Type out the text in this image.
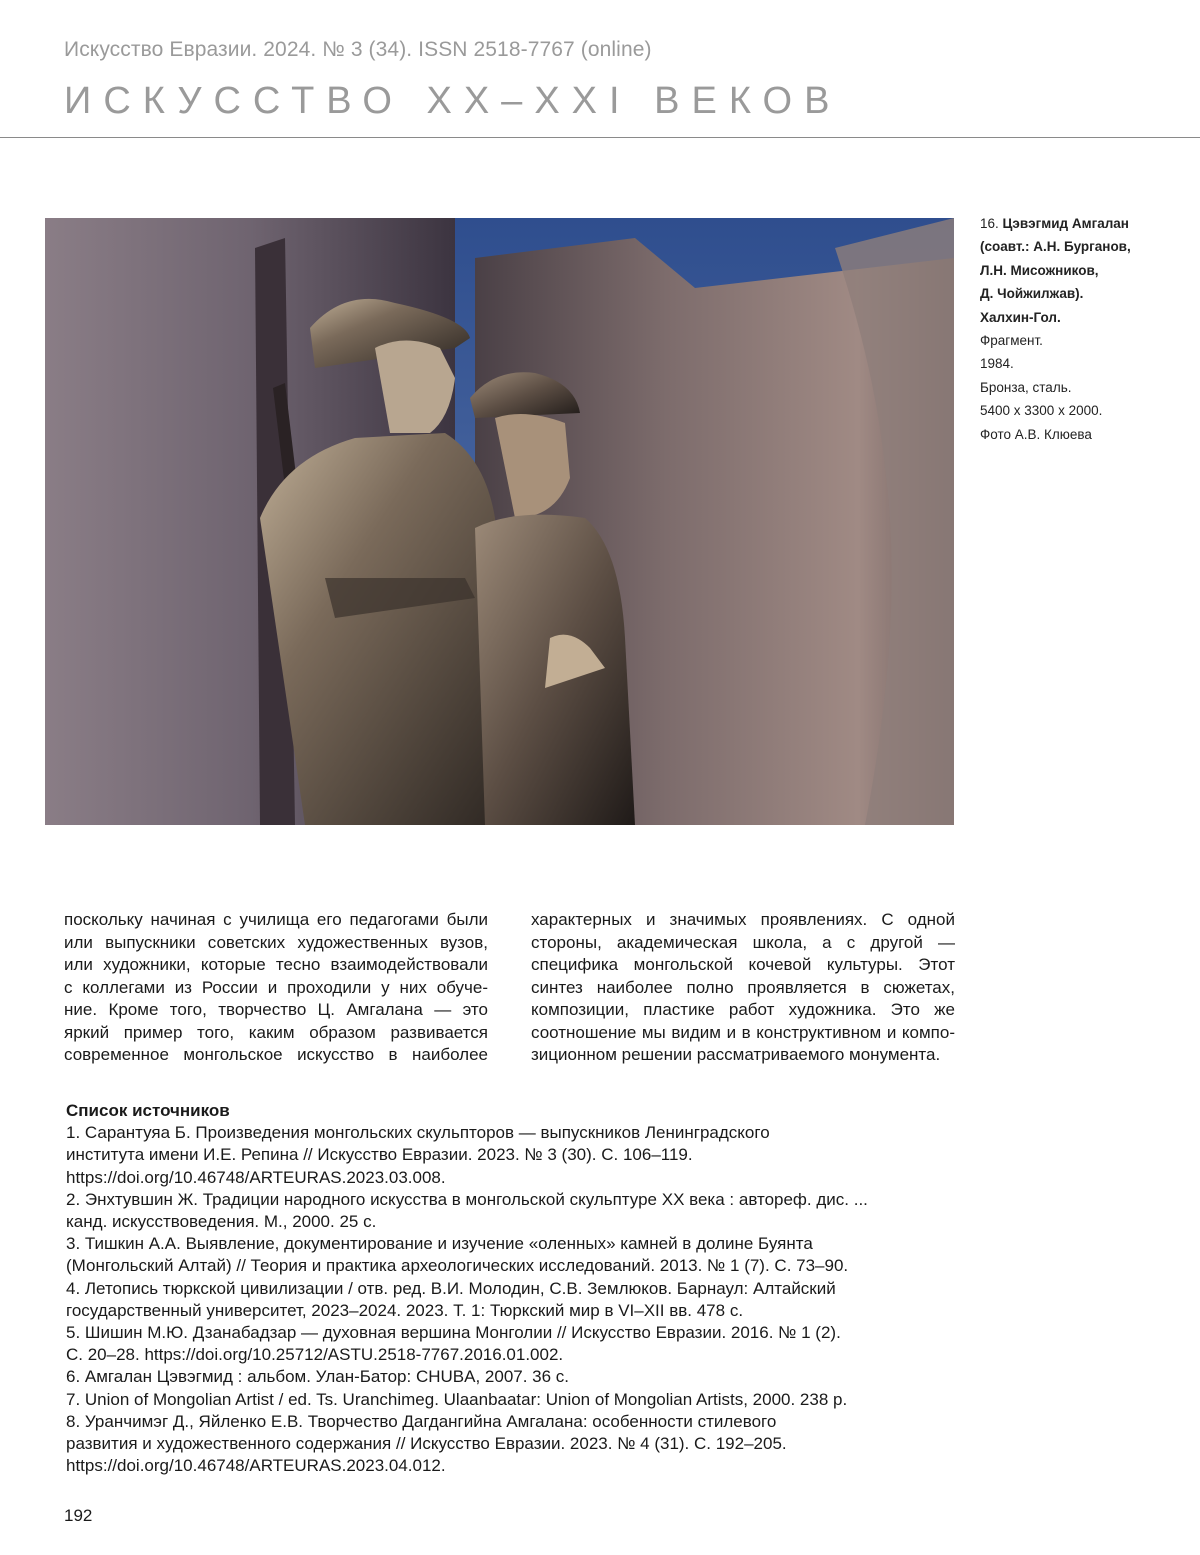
Искусство Евразии. 2024. № 3 (34). ISSN 2518-7767 (online)
ИСКУССТВО XX–XXI ВЕКОВ
16. Цэвэгмид Амгалан
(соавт.: А.Н. Бурганов,
Л.Н. Мисожников,
Д. Чойжилжав).
Халхин-Гол.
Фрагмент.
1984.
Бронза, сталь.
5400 x 3300 x 2000.
Фото А.В. Клюева
поскольку начиная с училища его педагогами были
или выпускники советских художественных вузов,
или художники, которые тесно взаимодействовали
с коллегами из России и проходили у них обуче-
ние. Кроме того, творчество Ц. Амгалана — это
яркий пример того, каким образом развивается
современное монгольское искусство в наиболее
характерных и значимых проявлениях. С одной
стороны, академическая школа, а с другой —
специфика монгольской кочевой культуры. Этот
синтез наиболее полно проявляется в сюжетах,
композиции, пластике работ художника. Это же
соотношение мы видим и в конструктивном и компо-
зиционном решении рассматриваемого монумента.
Список источников
1. Сарантуяа Б. Произведения монгольских скульпторов — выпускников Ленинградского
института имени И.Е. Репина // Искусство Евразии. 2023. № 3 (30). С. 106–119.
https://doi.org/10.46748/ARTEURAS.2023.03.008.
2. Энхтувшин Ж. Традиции народного искусства в монгольской скульптуре XX века : автореф. дис. ...
канд. искусствоведения. М., 2000. 25 с.
3. Тишкин А.А. Выявление, документирование и изучение «оленных» камней в долине Буянта
(Монгольский Алтай) // Теория и практика археологических исследований. 2013. № 1 (7). С. 73–90.
4. Летопись тюркской цивилизации / отв. ред. В.И. Молодин, С.В. Землюков. Барнаул: Алтайский
государственный университет, 2023–2024. 2023. Т. 1: Тюркский мир в VI–XII вв. 478 с.
5. Шишин М.Ю. Дзанабадзар — духовная вершина Монголии // Искусство Евразии. 2016. № 1 (2).
С. 20–28. https://doi.org/10.25712/ASTU.2518-7767.2016.01.002.
6. Амгалан Цэвэгмид : альбом. Улан-Батор: CHUBA, 2007. 36 с.
7. Union of Mongolian Artist / ed. Ts. Uranchimeg. Ulaanbaatar: Union of Mongolian Artists, 2000. 238 p.
8. Уранчимэг Д., Яйленко Е.В. Творчество Дагдангийна Амгалана: особенности стилевого
развития и художественного содержания // Искусство Евразии. 2023. № 4 (31). С. 192–205.
https://doi.org/10.46748/ARTEURAS.2023.04.012.
192
